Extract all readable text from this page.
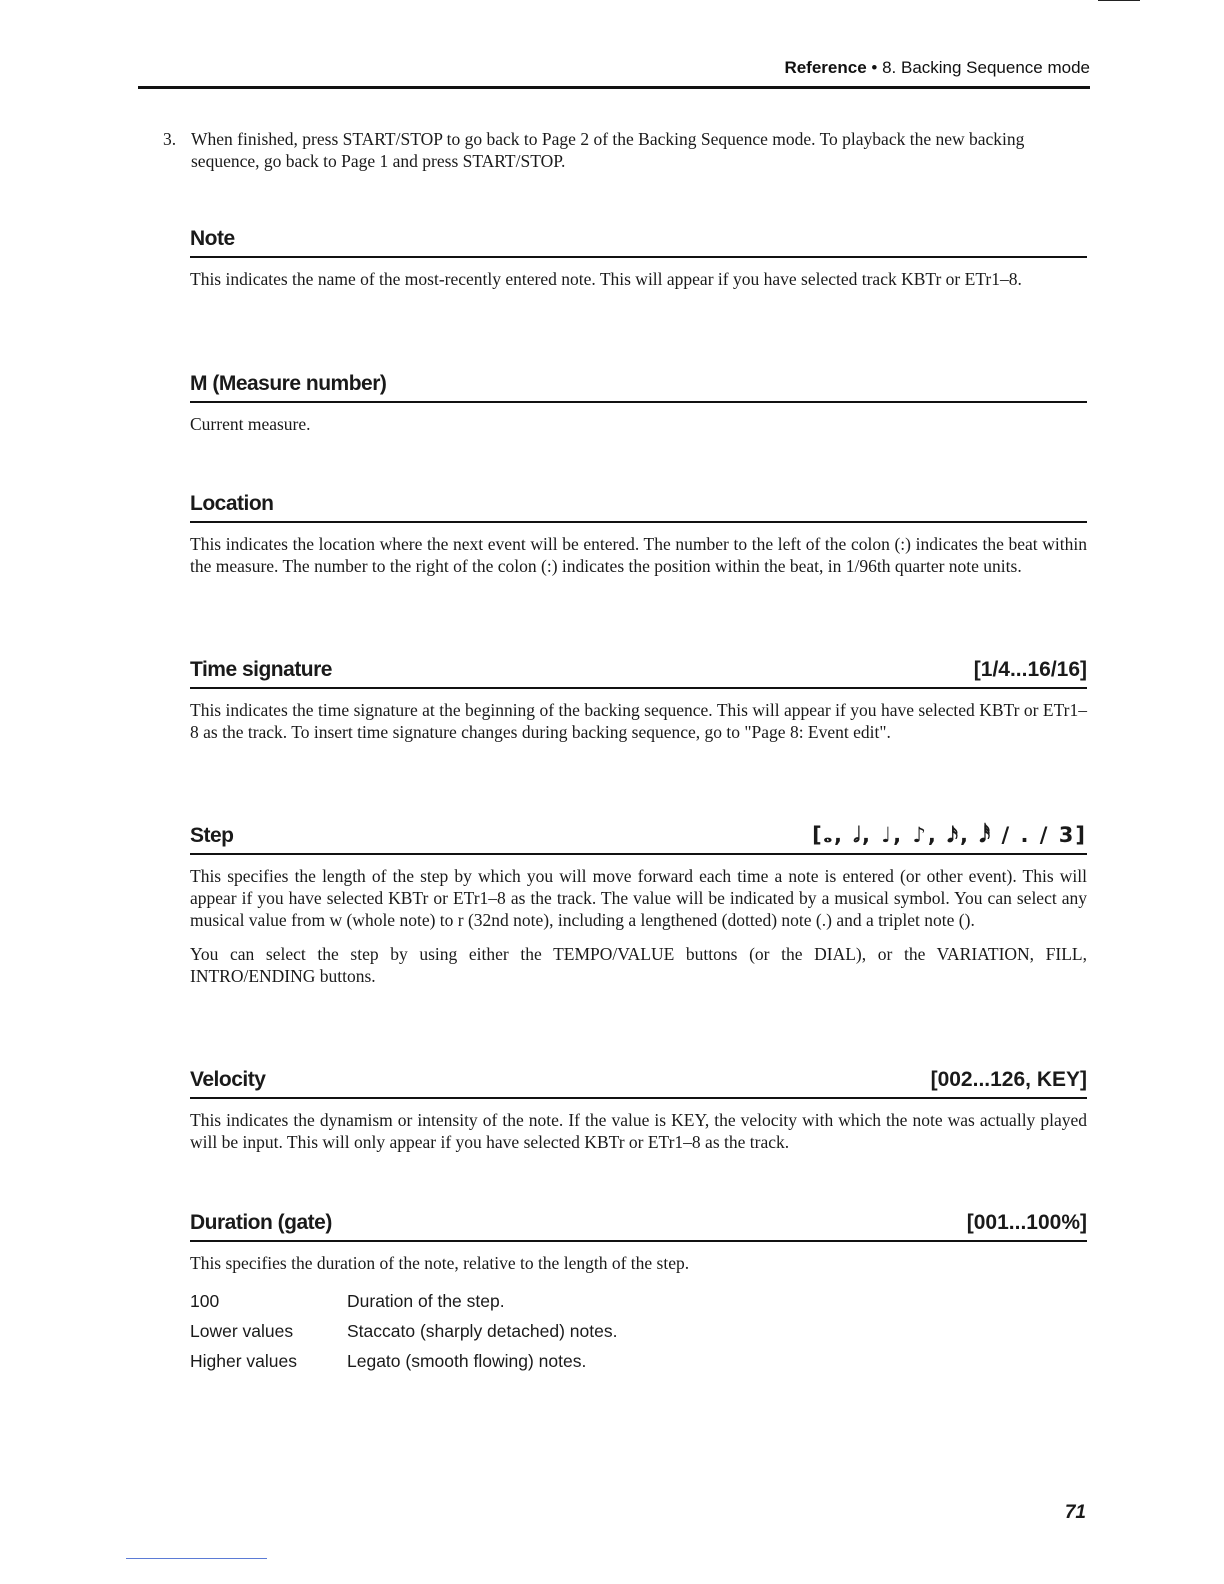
Reference • 8. Backing Sequence mode
3. When finished, press START/STOP to go back to Page 2 of the Backing Sequence mode. To playback the new backing sequence, go back to Page 1 and press START/STOP.
Note

This indicates the name of the most-recently entered note. This will appear if you have selected track KBTr or ETr1–8.

M (Measure number)

Current measure.

Location

This indicates the location where the next event will be entered. The number to the left of the colon (:) indicates the beat within the measure. The number to the right of the colon (:) indicates the position within the beat, in 1/96th quarter note units.

Time signature	[1/4...16/16]

This indicates the time signature at the beginning of the backing sequence. This will appear if you have selected KBTr or ETr1–8 as the track. To insert time signature changes during backing sequence, go to "Page 8: Event edit".

Step	[𝅝, 𝅗𝅥, ♩, ♪, 𝅘𝅥𝅯, 𝅘𝅥𝅰 / . / 3]

This specifies the length of the step by which you will move forward each time a note is entered (or other event). This will appear if you have selected KBTr or ETr1–8 as the track. The value will be indicated by a musical symbol. You can select any musical value from w (whole note) to r (32nd note), including a lengthened (dotted) note (.) and a triplet note ().

You can select the step by using either the TEMPO/VALUE buttons (or the DIAL), or the VARIATION, FILL, INTRO/ENDING buttons.

Velocity	[002...126, KEY]

This indicates the dynamism or intensity of the note. If the value is KEY, the velocity with which the note was actually played will be input. This will only appear if you have selected KBTr or ETr1–8 as the track.

Duration (gate)	[001...100%]

This specifies the duration of the note, relative to the length of the step.

100	Duration of the step.
Lower values	Staccato (sharply detached) notes.
Higher values	Legato (smooth flowing) notes.
71
